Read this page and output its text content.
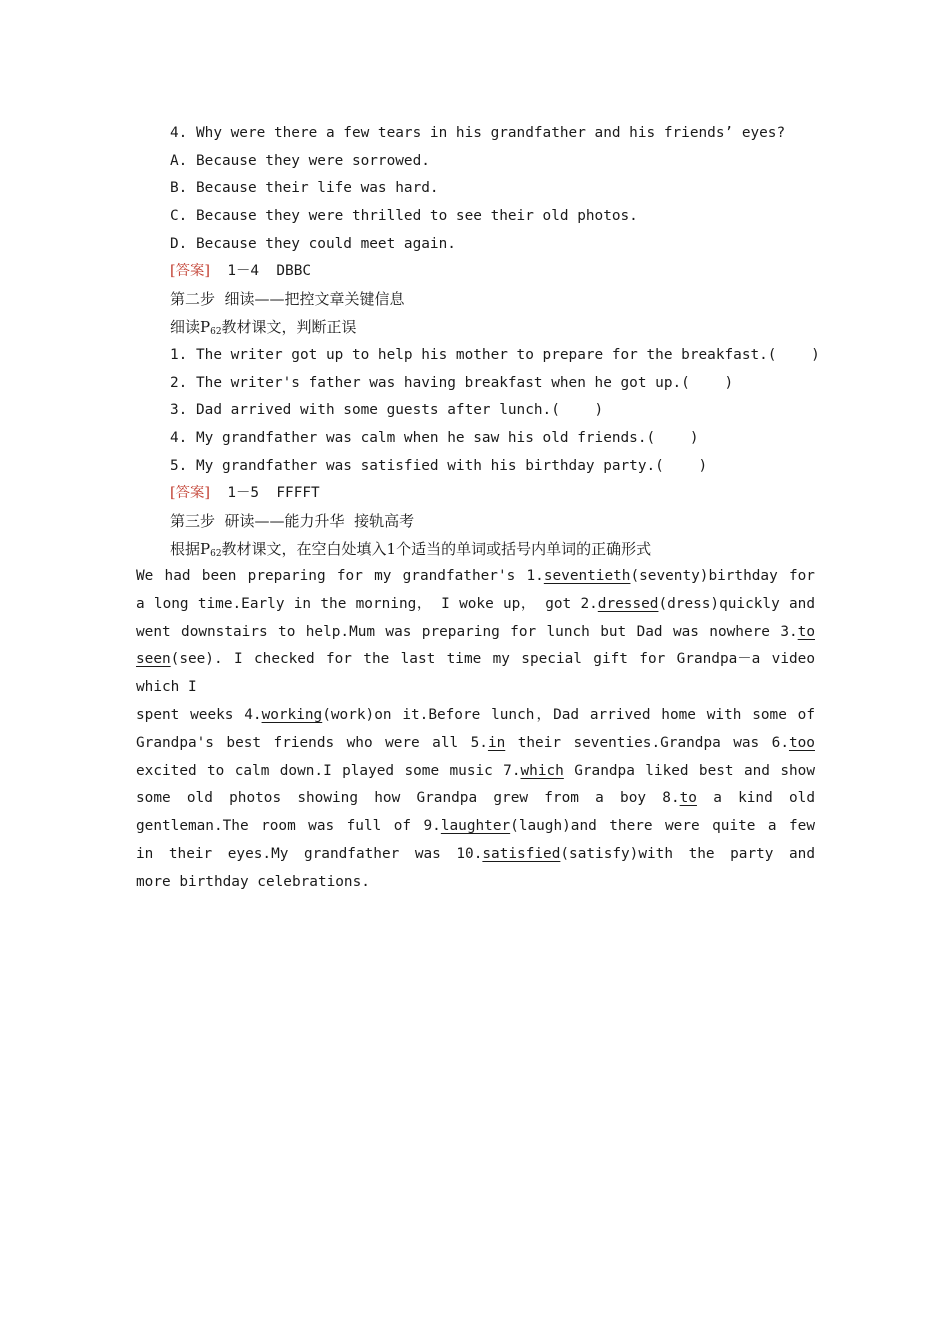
4. Why were there a few tears in his grandfather and his friends’ eyes?
A. Because they were sorrowed.
B. Because their life was hard.
C. Because they were thrilled to see their old photos.
D. Because they could meet again.
[答案]  1－4  DBBC
第二步  细读——把控文章关键信息
细读$P_{62}$教材课文，判断正误
1. The writer got up to help his mother to prepare for the breakfast.(    )
2. The writer's father was having breakfast when he got up.(    )
3. Dad arrived with some guests after lunch.(    )
4. My grandfather was calm when he saw his old friends.(    )
5. My grandfather was satisfied with his birthday party.(    )
[答案]  1－5  FFFFT
第三步  研读——能力升华  接轨高考
根据$P_{62}$教材课文，在空白处填入1个适当的单词或括号内单词的正确形式
We had been preparing for my grandfather's 1.seventieth(seventy)birthday for
a long time.Early in the morning， I woke up， got 2.dressed(dress)quickly and
went downstairs to help.Mum was preparing for lunch but Dad was nowhere 3.to
seen(see). I checked for the last time my special gift for Grandpa－a video
which I
spent weeks 4.working(work)on it.Before lunch，Dad arrived home with some of
Grandpa's best friends who were all 5.in their seventies.Grandpa was 6.too
excited to calm down.I played some music 7.which Grandpa liked best and show
some old photos showing how Grandpa grew from a boy 8.to a kind old
gentleman.The room was full of 9.laughter(laugh)and there were quite a few
in their eyes.My grandfather was 10.satisfied(satisfy)with the party and
more birthday celebrations.
